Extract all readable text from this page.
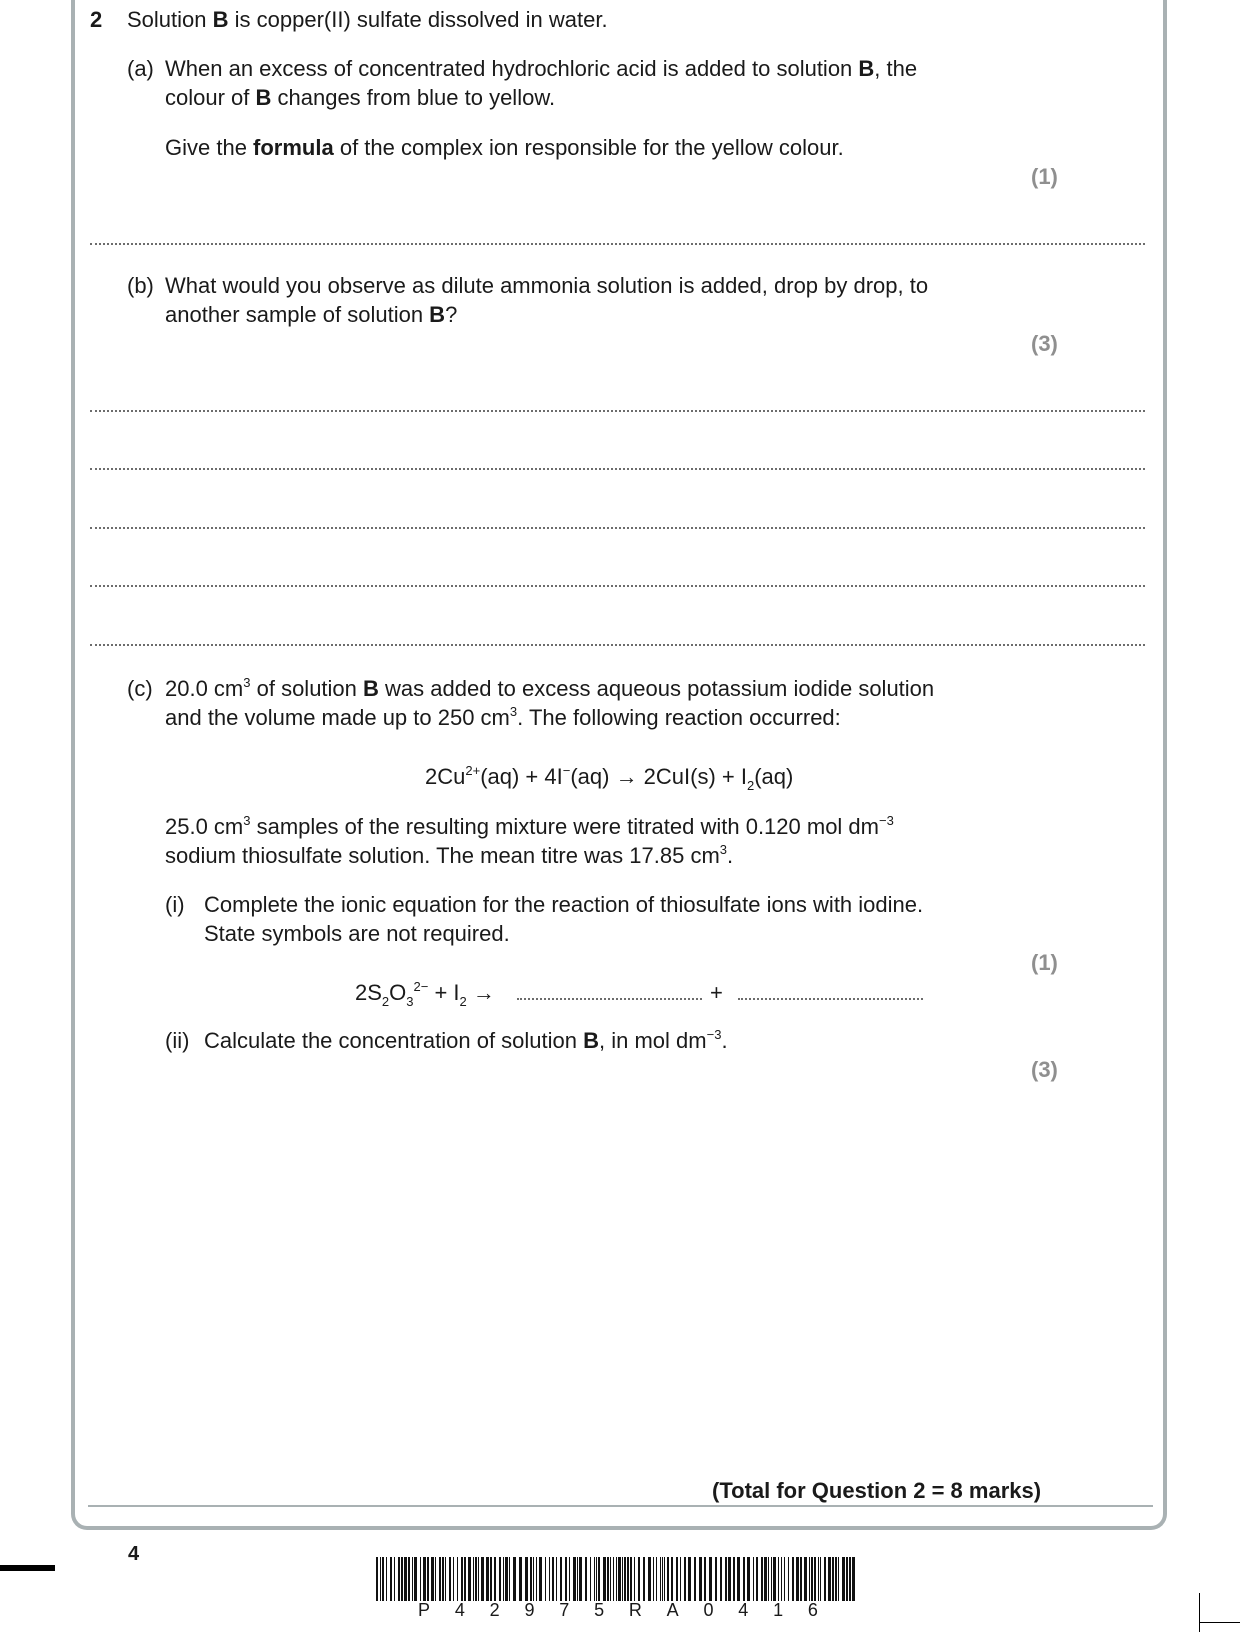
2 Solution B is copper(II) sulfate dissolved in water.
(a) When an excess of concentrated hydrochloric acid is added to solution B, the
colour of B changes from blue to yellow.
Give the formula of the complex ion responsible for the yellow colour.
(1)
(b) What would you observe as dilute ammonia solution is added, drop by drop, to
another sample of solution B?
(3)
(c) 20.0 $cm^3$ of solution B was added to excess aqueous potassium iodide solution
and the volume made up to 250 $cm^3$. The following reaction occurred:
$2Cu^{2+}(aq) + 4I^-(aq) \to 2CuI(s) + I_2(aq)$
25.0 $cm^3$ samples of the resulting mixture were titrated with 0.120 mol $dm^{-3}$
sodium thiosulfate solution. The mean titre was 17.85 $cm^3$.
(i) Complete the ionic equation for the reaction of thiosulfate ions with iodine.
State symbols are not required.
(1)
$2S_2O_3^{2-} + I_2$ →	+
(ii) Calculate the concentration of solution B, in mol $dm^{-3}$.
(3)
(Total for Question 2 = 8 marks)
4
P 4 2 9 7 5 R A 0 4 1 6
